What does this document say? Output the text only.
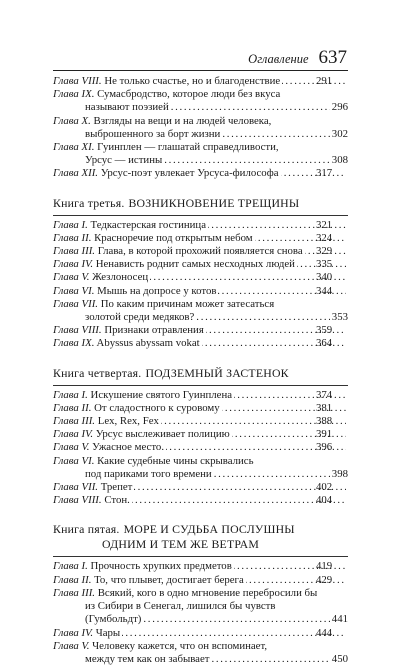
Оглавление 637
Глава VIII. Не только счастье, но и благоденствие . . .	291
Глава IX. Сумасбродство, которое люди без вкуса
называют поэзией . . .	296
Глава X. Взгляды на вещи и на людей человека,
выброшенного за борт жизни . . .	302
Глава XI. Гуинплен — глашатай справедливости,
Урсус — истины . . .	308
Глава XII. Урсус-поэт увлекает Урсуса-философа . . .	317
Книга третья. ВОЗНИКНОВЕНИЕ ТРЕЩИНЫ
Глава I. Тедкастерская гостиница . . .	321
Глава II. Красноречие под открытым небом . . .	324
Глава III. Глава, в которой прохожий появляется снова . . . 329
Глава IV. Ненависть роднит самых несходных людей . . . 335
Глава V. Жезлоносец . . .	340
Глава VI. Мышь на допросе у котов . . .	344
Глава VII. По каким причинам может затесаться
золотой среди медяков? . . .	353
Глава VIII. Признаки отравления . . .	359
Глава IX. Abyssus abyssam vokat . . .	364
Книга четвертая. ПОДЗЕМНЫЙ ЗАСТЕНОК
Глава I. Искушение святого Гуинплена . . .	374
Глава II. От сладостного к суровому . . .	381
Глава III. Lex, Rex, Fex . . .	388
Глава IV. Урсус выслеживает полицию . . .	391
Глава V. Ужасное место. . . .	396
Глава VI. Какие судебные чины скрывались
под париками того времени . . .	398
Глава VII. Трепет . . .	402
Глава VIII. Стон. . . .	404
Книга пятая. МОРЕ И СУДЬБА ПОСЛУШНЫ
ОДНИМ И ТЕМ ЖЕ ВЕТРАМ
Глава I. Прочность хрупких предметов . . .	419
Глава II. То, что плывет, достигает берега . . .	429
Глава III. Всякий, кого в одно мгновение перебросили бы
из Сибири в Сенегал, лишился бы чувств
(Гумбольдт) . . .	441
Глава IV. Чары . . .	444
Глава V. Человеку кажется, что он вспоминает,
между тем как он забывает . . .	450
